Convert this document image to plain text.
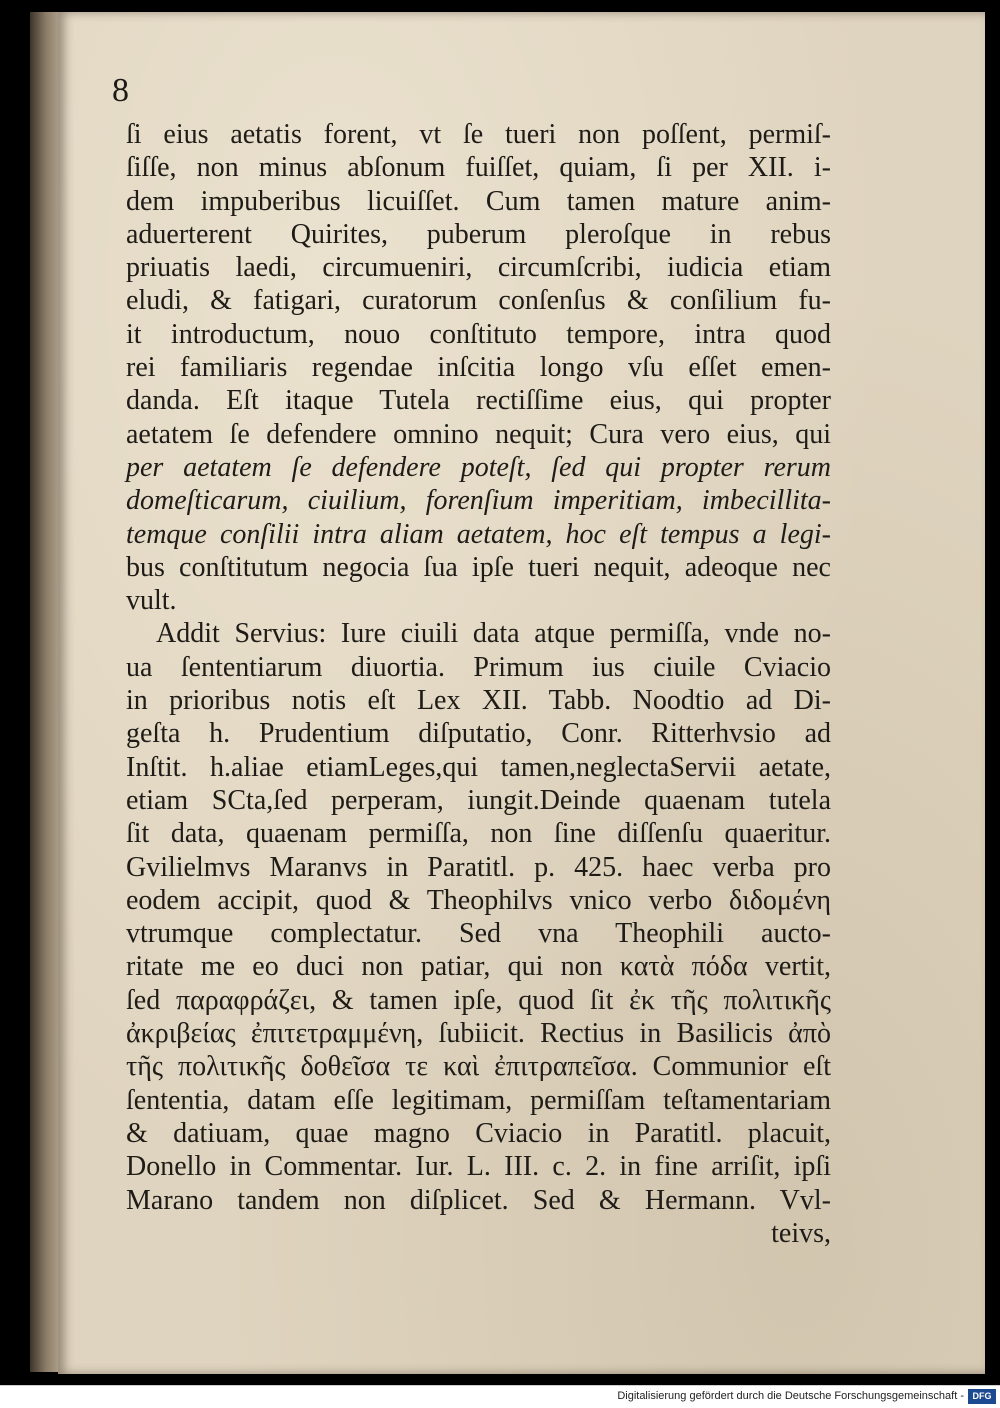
8
ſi eius aetatis forent, vt ſe tueri non poſſent, permiſ-
ſiſſe, non minus abſonum fuiſſet, quiam, ſi per XII. i-
dem impuberibus licuiſſet. Cum tamen mature anim-
aduerterent Quirites, puberum pleroſque in rebus
priuatis laedi, circumueniri, circumſcribi, iudicia etiam
eludi, & fatigari, curatorum conſenſus & conſilium fu-
it introductum, nouo conſtituto tempore, intra quod
rei familiaris regendae inſcitia longo vſu eſſet emen-
danda. Eſt itaque Tutela rectiſſime eius, qui propter
aetatem ſe defendere omnino nequit; Cura vero eius, qui
per aetatem ſe defendere poteſt, ſed qui propter rerum
domeſticarum, ciuilium, forenſium imperitiam, imbecillita-
temque conſilii intra aliam aetatem, hoc eſt tempus a legi-
bus conſtitutum negocia ſua ipſe tueri nequit, adeoque nec
vult.
Addit Servius: Iure ciuili data atque permiſſa, vnde no-
ua ſententiarum diuortia. Primum ius ciuile Cviacio
in prioribus notis eſt Lex XII. Tabb. Noodtio ad Di-
geſta h. Prudentium diſputatio, Conr. Ritterhvsio ad
Inſtit. h.aliae etiamLeges,qui tamen,neglectaServii aetate,
etiam SCta,ſed perperam, iungit.Deinde quaenam tutela
ſit data, quaenam permiſſa, non ſine diſſenſu quaeritur.
Gvilielmvs Maranvs in Paratitl. p. 425. haec verba pro
eodem accipit, quod & Theophilvs vnico verbo διδομένη
vtrumque complectatur. Sed vna Theophili aucto-
ritate me eo duci non patiar, qui non κατὰ πόδα vertit,
ſed παραφράζει, & tamen ipſe, quod ſit ἐκ τῆς πολιτικῆς
ἀκριβείας ἐπιτετραμμένη, ſubiicit. Rectius in Basilicis ἀπὸ
τῆς πολιτικῆς δοθεῖσα τε καὶ ἐπιτραπεῖσα. Communior eſt
ſententia, datam eſſe legitimam, permiſſam teſtamentariam
& datiuam, quae magno Cviacio in Paratitl. placuit,
Donello in Commentar. Iur. L. III. c. 2. in fine arriſit, ipſi
Marano tandem non diſplicet. Sed & Hermann. Vvl-
teivs,
Digitalisierung gefördert durch die Deutsche Forschungsgemeinschaft - DFG
